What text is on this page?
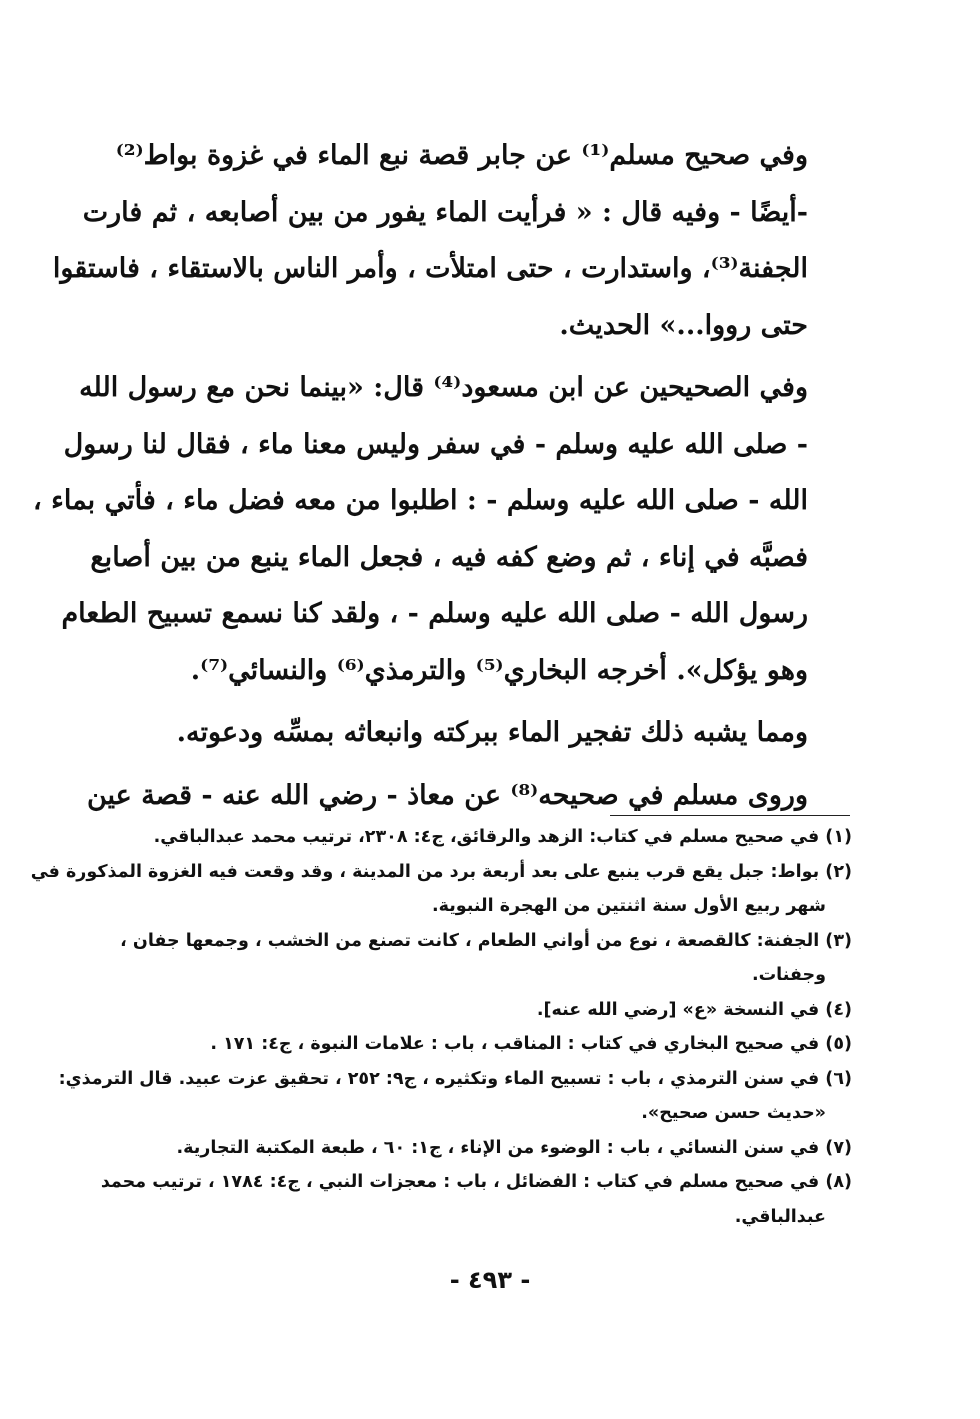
وفي صحيح مسلم⁽¹⁾ عن جابر قصة نبع الماء في غزوة بواط⁽²⁾
-أيضًا - وفيه قال : « فرأيت الماء يفور من بين أصابعه ، ثم فارت
الجفنة⁽³⁾، واستدارت ، حتى امتلأت ، وأمر الناس بالاستقاء ، فاستقوا
حتى رووا...» الحديث.

وفي الصحيحين عن ابن مسعود⁽⁴⁾ قال: «بينما نحن مع رسول الله
- صلى الله عليه وسلم - في سفر وليس معنا ماء ، فقال لنا رسول
الله - صلى الله عليه وسلم - : اطلبوا من معه فضل ماء ، فأتي بماء ،
فصبَّه في إناء ، ثم وضع كفه فيه ، فجعل الماء ينبع من بين أصابع
رسول الله - صلى الله عليه وسلم - ، ولقد كنا نسمع تسبيح الطعام
وهو يؤكل». أخرجه البخاري⁽⁵⁾ والترمذي⁽⁶⁾ والنسائي⁽⁷⁾.

ومما يشبه ذلك تفجير الماء ببركته وانبعاثه بمسِّه ودعوته.

وروى مسلم في صحيحه⁽⁸⁾ عن معاذ - رضي الله عنه - قصة عين

(١) في صحيح مسلم في كتاب: الزهد والرقائق، ج٤: ٢٣٠٨، ترتيب محمد عبدالباقي.

(٢) بواط: جبل يقع قرب ينبع على بعد أربعة برد من المدينة ، وقد وقعت فيه الغزوة المذكورة في

شهر ربيع الأول سنة اثنتين من الهجرة النبوية.

(٣) الجفنة: كالقصعة ، نوع من أواني الطعام ، كانت تصنع من الخشب ، وجمعها جفان ،

وجفنات.

(٤) في النسخة «ع» [رضي الله عنه].

(٥) في صحيح البخاري في كتاب : المناقب ، باب : علامات النبوة ، ج٤: ١٧١ .

(٦) في سنن الترمذي ، باب : تسبيح الماء وتكثيره ، ج٩: ٢٥٢ ، تحقيق عزت عبيد. قال الترمذي:

«حديث حسن صحيح».

(٧) في سنن النسائي ، باب : الوضوء من الإناء ، ج١: ٦٠ ، طبعة المكتبة التجارية.

(٨) في صحيح مسلم في كتاب : الفضائل ، باب : معجزات النبي ، ج٤: ١٧٨٤ ، ترتيب محمد

عبدالباقي.

- ٤٩٣ -
